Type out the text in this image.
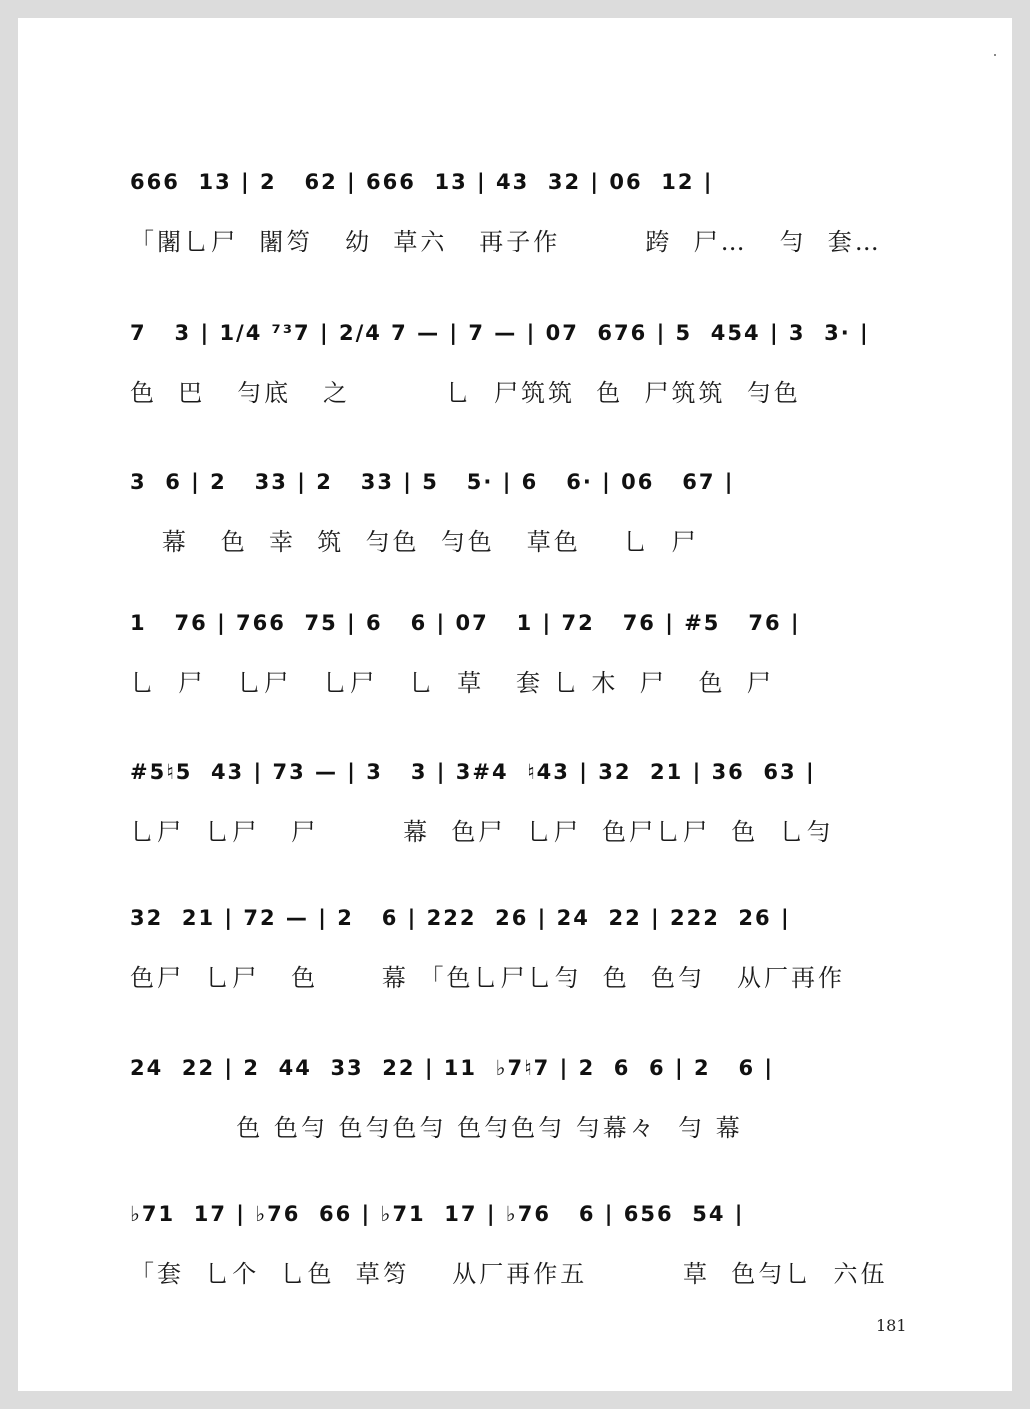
666  1⁢3 | 2   62 | 666  1⁢3 | 43  32 | 06  12 |
「闍乚尸  闍笉   幼  草六   再子作        跨  尸…   勻  套…
7   3 | 1/4 ⁷³7 | 2/4 7 — | 7 — | 07  676 | 5  454 | 3  3· |
色  巴   勻底   之         乚  尸筑筑  色  尸筑筑  勻色
3  6 | 2   33 | 2   33 | 5   5· | 6   6· | 06   67 |
幕   色  幸  筑  勻色  勻色   草色    乚  尸
1   76 | 766  75 | 6   6 | 07   1 | 72   76 | #5   76 |
乚  尸   乚尸   乚尸   乚  草   套 乚 木  尸   色  尸
#5♮5  43 | 73 — | 3   3 | 3#4  ♮43 | 32  21 | 36  63 |
乚尸  乚尸   尸        幕  色尸  乚尸  色尸乚尸  色  乚勻
32  21 | 72 — | 2   6 | 222  26 | 24  22 | 222  26 |
色尸  乚尸   色      幕 「色乚尸乚勻  色  色勻   从厂再作
24  22 | 2  44  33  22 | 11  ♭7♮7 | 2  6  6 | 2   6 |
色 色勻 色勻色勻 色勻色勻 勻幕々  勻 幕
♭71  17 | ♭76  66 | ♭71  17 | ♭76   6 | 656  54 |
「套  乚个  乚色  草笉    从厂再作五         草  色勻乚  六伍
181
